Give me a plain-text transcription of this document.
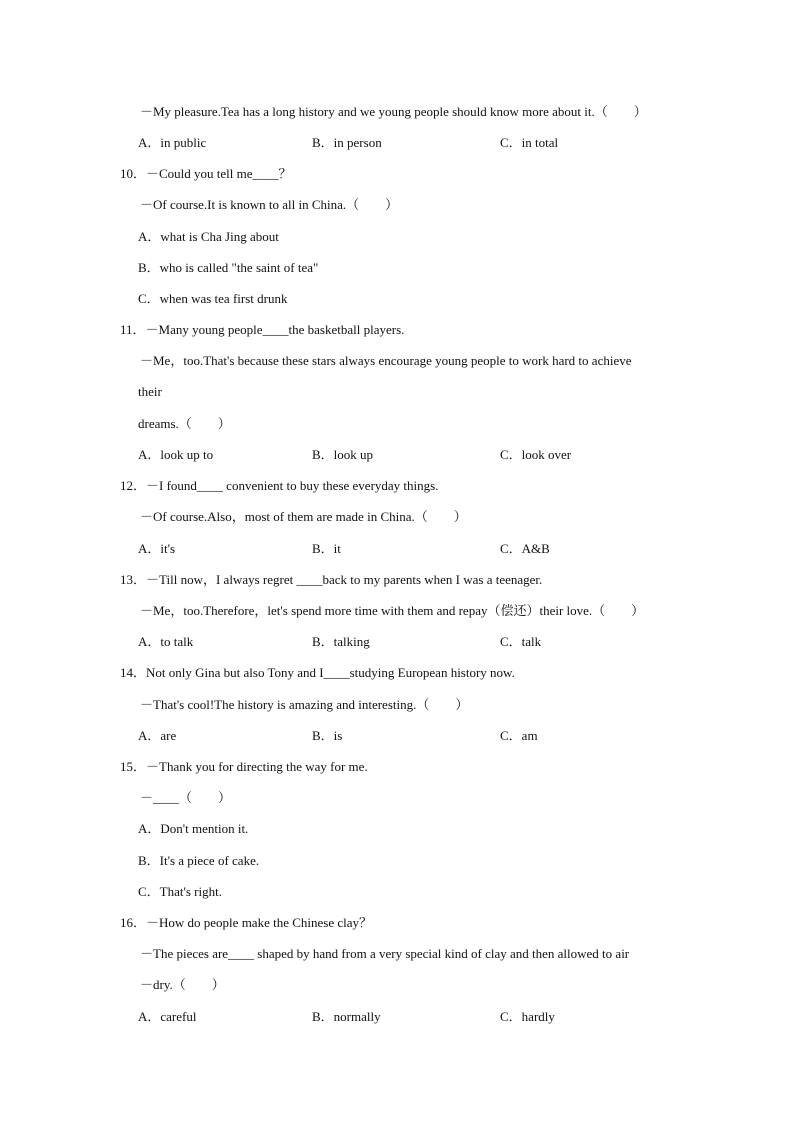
－My pleasure.Tea has a long history and we young people should know more about it.（　　）
A．in public	B．in person	C．in total
10．－Could you tell me____？
－Of course.It is known to all in China.（　　）
A．what is Cha Jing about
B．who is called "the saint of tea"
C．when was tea first drunk
11．－Many young people____the basketball players.
－Me，too.That's because these stars always encourage young people to work hard to achieve
their
dreams.（　　）
A．look up to	B．look up	C．look over
12．－I found____ convenient to buy these everyday things.
－Of course.Also，most of them are made in China.（　　）
A．it's	B．it	C．A&B
13．－Till now，I always regret ____back to my parents when I was a teenager.
－Me，too.Therefore，let's spend more time with them and repay（偿还）their love.（　　）
A．to talk	B．talking	C．talk
14．Not only Gina but also Tony and I____studying European history now.
－That's cool!The history is amazing and interesting.（　　）
A．are	B．is	C．am
15．－Thank you for directing the way for me.
－____（　　）
A．Don't mention it.
B．It's a piece of cake.
C．That's right.
16．－How do people make the Chinese clay？
－The pieces are____ shaped by hand from a very special kind of clay and then allowed to air
－dry.（　　）
A．careful	B．normally	C．hardly
